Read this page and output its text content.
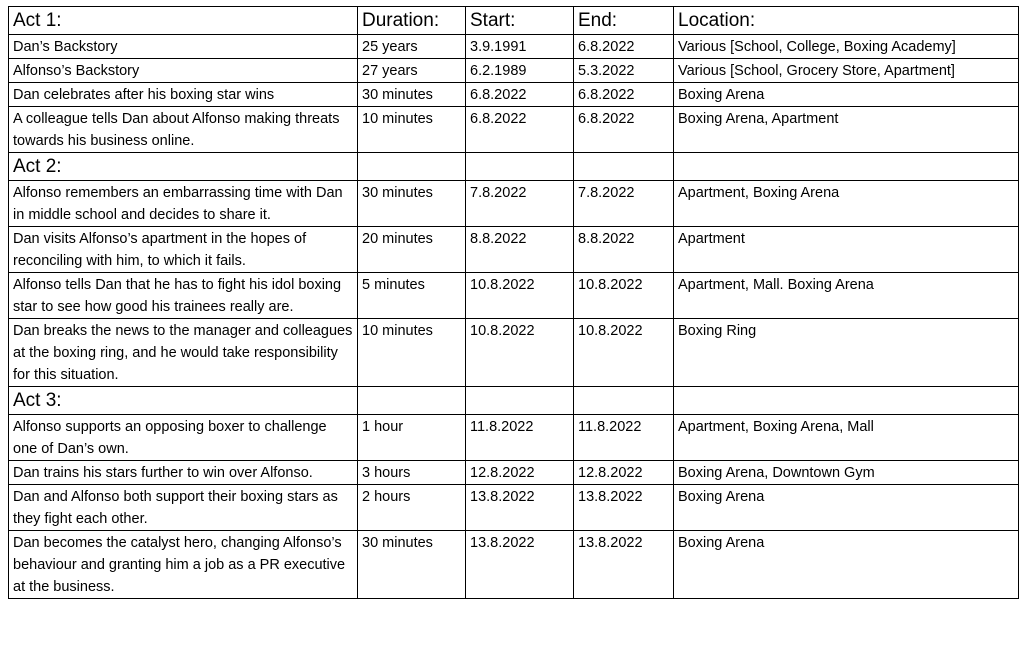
Act 1:	Duration:	Start:	End:	Location:
Dan’s Backstory	25 years	3.9.1991	6.8.2022	Various [School, College, Boxing Academy]
Alfonso’s Backstory	27 years	6.2.1989	5.3.2022	Various [School, Grocery Store, Apartment]
Dan celebrates after his boxing star wins	30 minutes	6.8.2022	6.8.2022	Boxing Arena
A colleague tells Dan about Alfonso making threats towards his business online.	10 minutes	6.8.2022	6.8.2022	Boxing Arena, Apartment
Act 2:				
Alfonso remembers an embarrassing time with Dan in middle school and decides to share it.	30 minutes	7.8.2022	7.8.2022	Apartment, Boxing Arena
Dan visits Alfonso’s apartment in the hopes of reconciling with him, to which it fails.	20 minutes	8.8.2022	8.8.2022	Apartment
Alfonso tells Dan that he has to fight his idol boxing star to see how good his trainees really are.	5 minutes	10.8.2022	10.8.2022	Apartment, Mall. Boxing Arena
Dan breaks the news to the manager and colleagues at the boxing ring, and he would take responsibility for this situation.	10 minutes	10.8.2022	10.8.2022	Boxing Ring
Act 3:				
Alfonso supports an opposing boxer to challenge one of Dan’s own.	1 hour	11.8.2022	11.8.2022	Apartment, Boxing Arena, Mall
Dan trains his stars further to win over Alfonso.	3 hours	12.8.2022	12.8.2022	Boxing Arena, Downtown Gym
Dan and Alfonso both support their boxing stars as they fight each other.	2 hours	13.8.2022	13.8.2022	Boxing Arena
Dan becomes the catalyst hero, changing Alfonso’s behaviour and granting him a job as a PR executive at the business.	30 minutes	13.8.2022	13.8.2022	Boxing Arena
